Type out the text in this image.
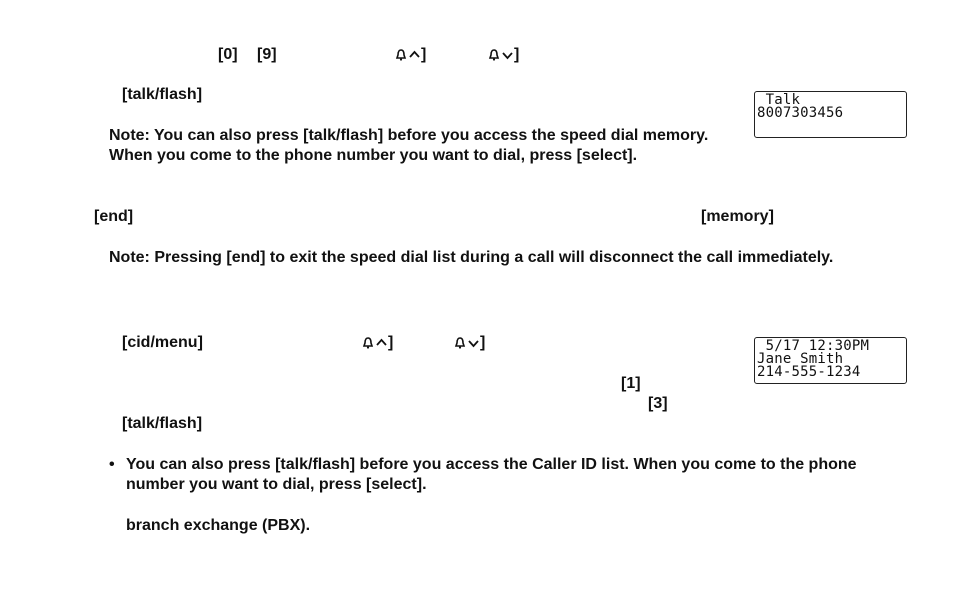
[0] [9]	]	]
[talk/flash]	Talk
8007303456
Note: You can also press [talk/flash] before you access the speed dial memory.
When you come to the phone number you want to dial, press [select].
[end]	[memory]
Note: Pressing [end] to exit the speed dial list during a call will disconnect the call immediately.
[cid/menu]	]	]	5/17 12:30PM
Jane Smith
214-555-1234
[1]
[3]
[talk/flash]
• You can also press [talk/flash] before you access the Caller ID list. When you come to the phone
number you want to dial, press [select].
branch exchange (PBX).
